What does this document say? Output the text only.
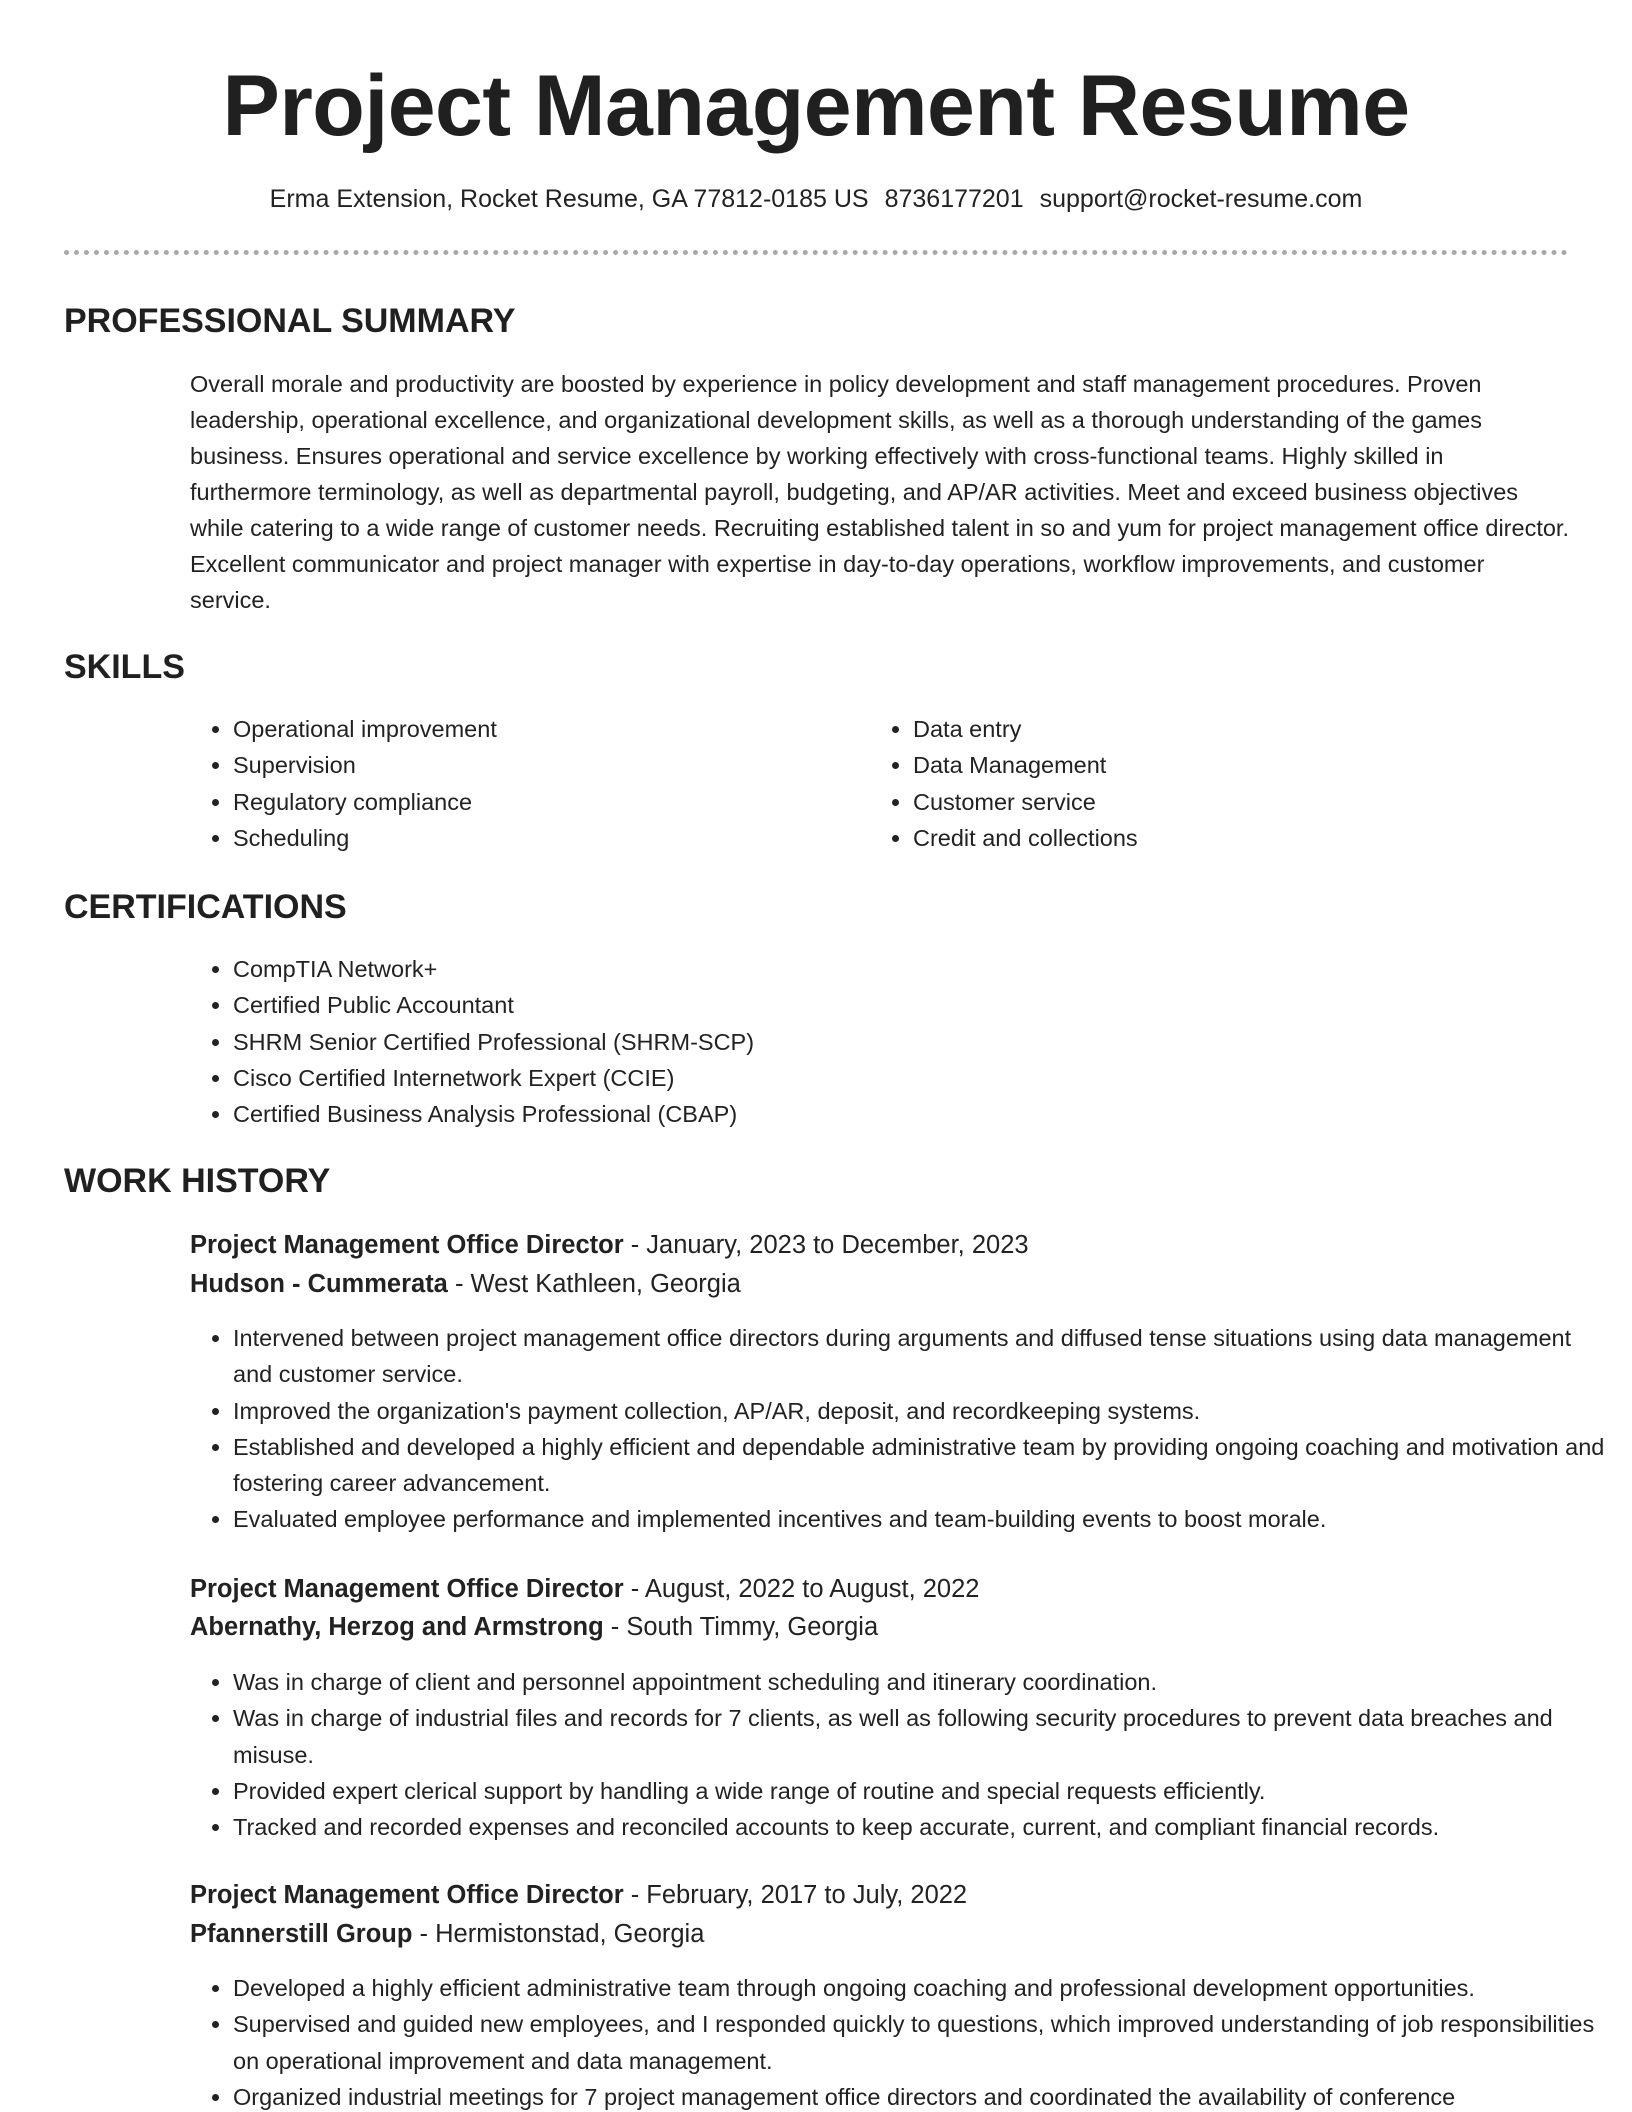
Project Management Resume
Erma Extension, Rocket Resume, GA 77812-0185 US 8736177201 support@rocket-resume.com
PROFESSIONAL SUMMARY

Overall morale and productivity are boosted by experience in policy development and staff management procedures. Proven leadership, operational excellence, and organizational development skills, as well as a thorough understanding of the games business. Ensures operational and service excellence by working effectively with cross-functional teams. Highly skilled in furthermore terminology, as well as departmental payroll, budgeting, and AP/AR activities. Meet and exceed business objectives while catering to a wide range of customer needs. Recruiting established talent in so and yum for project management office director. Excellent communicator and project manager with expertise in day-to-day operations, workflow improvements, and customer service.

SKILLS
• Operational improvement
• Supervision
• Regulatory compliance
• Scheduling
• Data entry
• Data Management
• Customer service
• Credit and collections
CERTIFICATIONS
• CompTIA Network+
• Certified Public Accountant
• SHRM Senior Certified Professional (SHRM-SCP)
• Cisco Certified Internetwork Expert (CCIE)
• Certified Business Analysis Professional (CBAP)
WORK HISTORY
Project Management Office Director - January, 2023 to December, 2023
Hudson - Cummerata - West Kathleen, Georgia
• Intervened between project management office directors during arguments and diffused tense situations using data management and customer service.
• Improved the organization's payment collection, AP/AR, deposit, and recordkeeping systems.
• Established and developed a highly efficient and dependable administrative team by providing ongoing coaching and motivation and fostering career advancement.
• Evaluated employee performance and implemented incentives and team-building events to boost morale.
Project Management Office Director - August, 2022 to August, 2022
Abernathy, Herzog and Armstrong - South Timmy, Georgia
• Was in charge of client and personnel appointment scheduling and itinerary coordination.
• Was in charge of industrial files and records for 7 clients, as well as following security procedures to prevent data breaches and misuse.
• Provided expert clerical support by handling a wide range of routine and special requests efficiently.
• Tracked and recorded expenses and reconciled accounts to keep accurate, current, and compliant financial records.
Project Management Office Director - February, 2017 to July, 2022
Pfannerstill Group - Hermistonstad, Georgia
• Developed a highly efficient administrative team through ongoing coaching and professional development opportunities.
• Supervised and guided new employees, and I responded quickly to questions, which improved understanding of job responsibilities on operational improvement and data management.
• Organized industrial meetings for 7 project management office directors and coordinated the availability of conference
